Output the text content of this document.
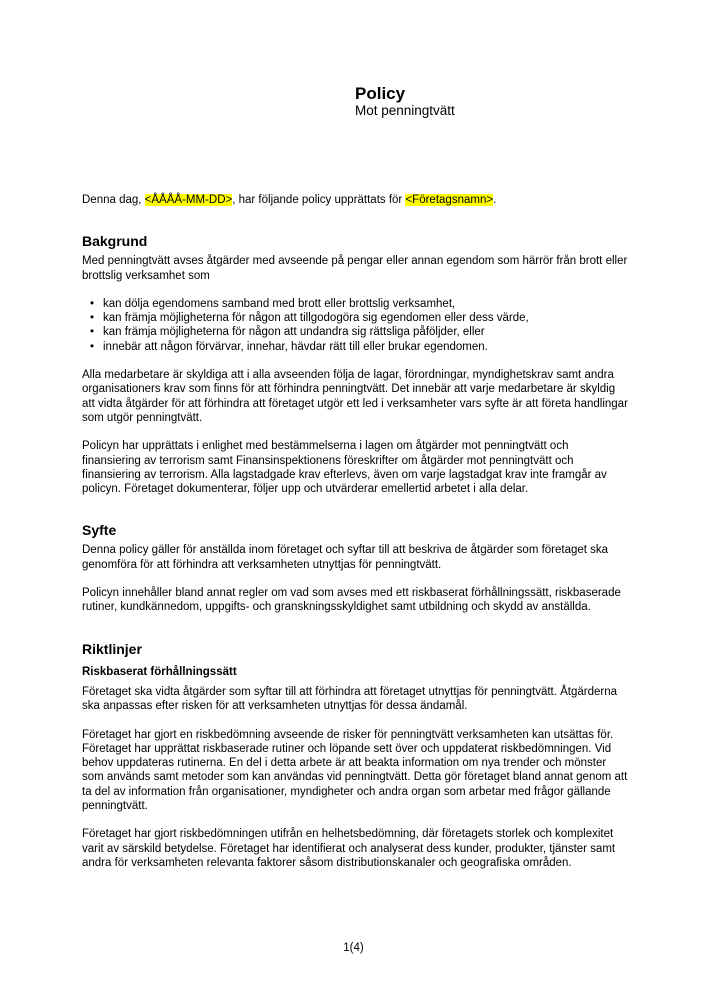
Policy
Mot penningtvätt

Denna dag, <ÅÅÅÅ-MM-DD>, har följande policy upprättats för <Företagsnamn>.

Bakgrund

Med penningtvätt avses åtgärder med avseende på pengar eller annan egendom som härrör från brott eller brottslig verksamhet som

• kan dölja egendomens samband med brott eller brottslig verksamhet,
• kan främja möjligheterna för någon att tillgodogöra sig egendomen eller dess värde,
• kan främja möjligheterna för någon att undandra sig rättsliga påföljder, eller
• innebär att någon förvärvar, innehar, hävdar rätt till eller brukar egendomen.

Alla medarbetare är skyldiga att i alla avseenden följa de lagar, förordningar, myndighetskrav samt andra organisationers krav som finns för att förhindra penningtvätt. Det innebär att varje medarbetare är skyldig att vidta åtgärder för att förhindra att företaget utgör ett led i verksamheter vars syfte är att företa handlingar som utgör penningtvätt.

Policyn har upprättats i enlighet med bestämmelserna i lagen om åtgärder mot penningtvätt och finansiering av terrorism samt Finansinspektionens föreskrifter om åtgärder mot penningtvätt och finansiering av terrorism. Alla lagstadgade krav efterlevs, även om varje lagstadgat krav inte framgår av policyn. Företaget dokumenterar, följer upp och utvärderar emellertid arbetet i alla delar.

Syfte

Denna policy gäller för anställda inom företaget och syftar till att beskriva de åtgärder som företaget ska genomföra för att förhindra att verksamheten utnyttjas för penningtvätt.

Policyn innehåller bland annat regler om vad som avses med ett riskbaserat förhållningssätt, riskbaserade rutiner, kundkännedom, uppgifts- och granskningsskyldighet samt utbildning och skydd av anställda.

Riktlinjer
Riskbaserat förhållningssätt

Företaget ska vidta åtgärder som syftar till att förhindra att företaget utnyttjas för penningtvätt. Åtgärderna ska anpassas efter risken för att verksamheten utnyttjas för dessa ändamål.

Företaget har gjort en riskbedömning avseende de risker för penningtvätt verksamheten kan utsättas för. Företaget har upprättat riskbaserade rutiner och löpande sett över och uppdaterat riskbedömningen. Vid behov uppdateras rutinerna. En del i detta arbete är att beakta information om nya trender och mönster som används samt metoder som kan användas vid penningtvätt. Detta gör företaget bland annat genom att ta del av information från organisationer, myndigheter och andra organ som arbetar med frågor gällande penningtvätt.

Företaget har gjort riskbedömningen utifrån en helhetsbedömning, där företagets storlek och komplexitet varit av särskild betydelse. Företaget har identifierat och analyserat dess kunder, produkter, tjänster samt andra för verksamheten relevanta faktorer såsom distributionskanaler och geografiska områden.

1(4)
